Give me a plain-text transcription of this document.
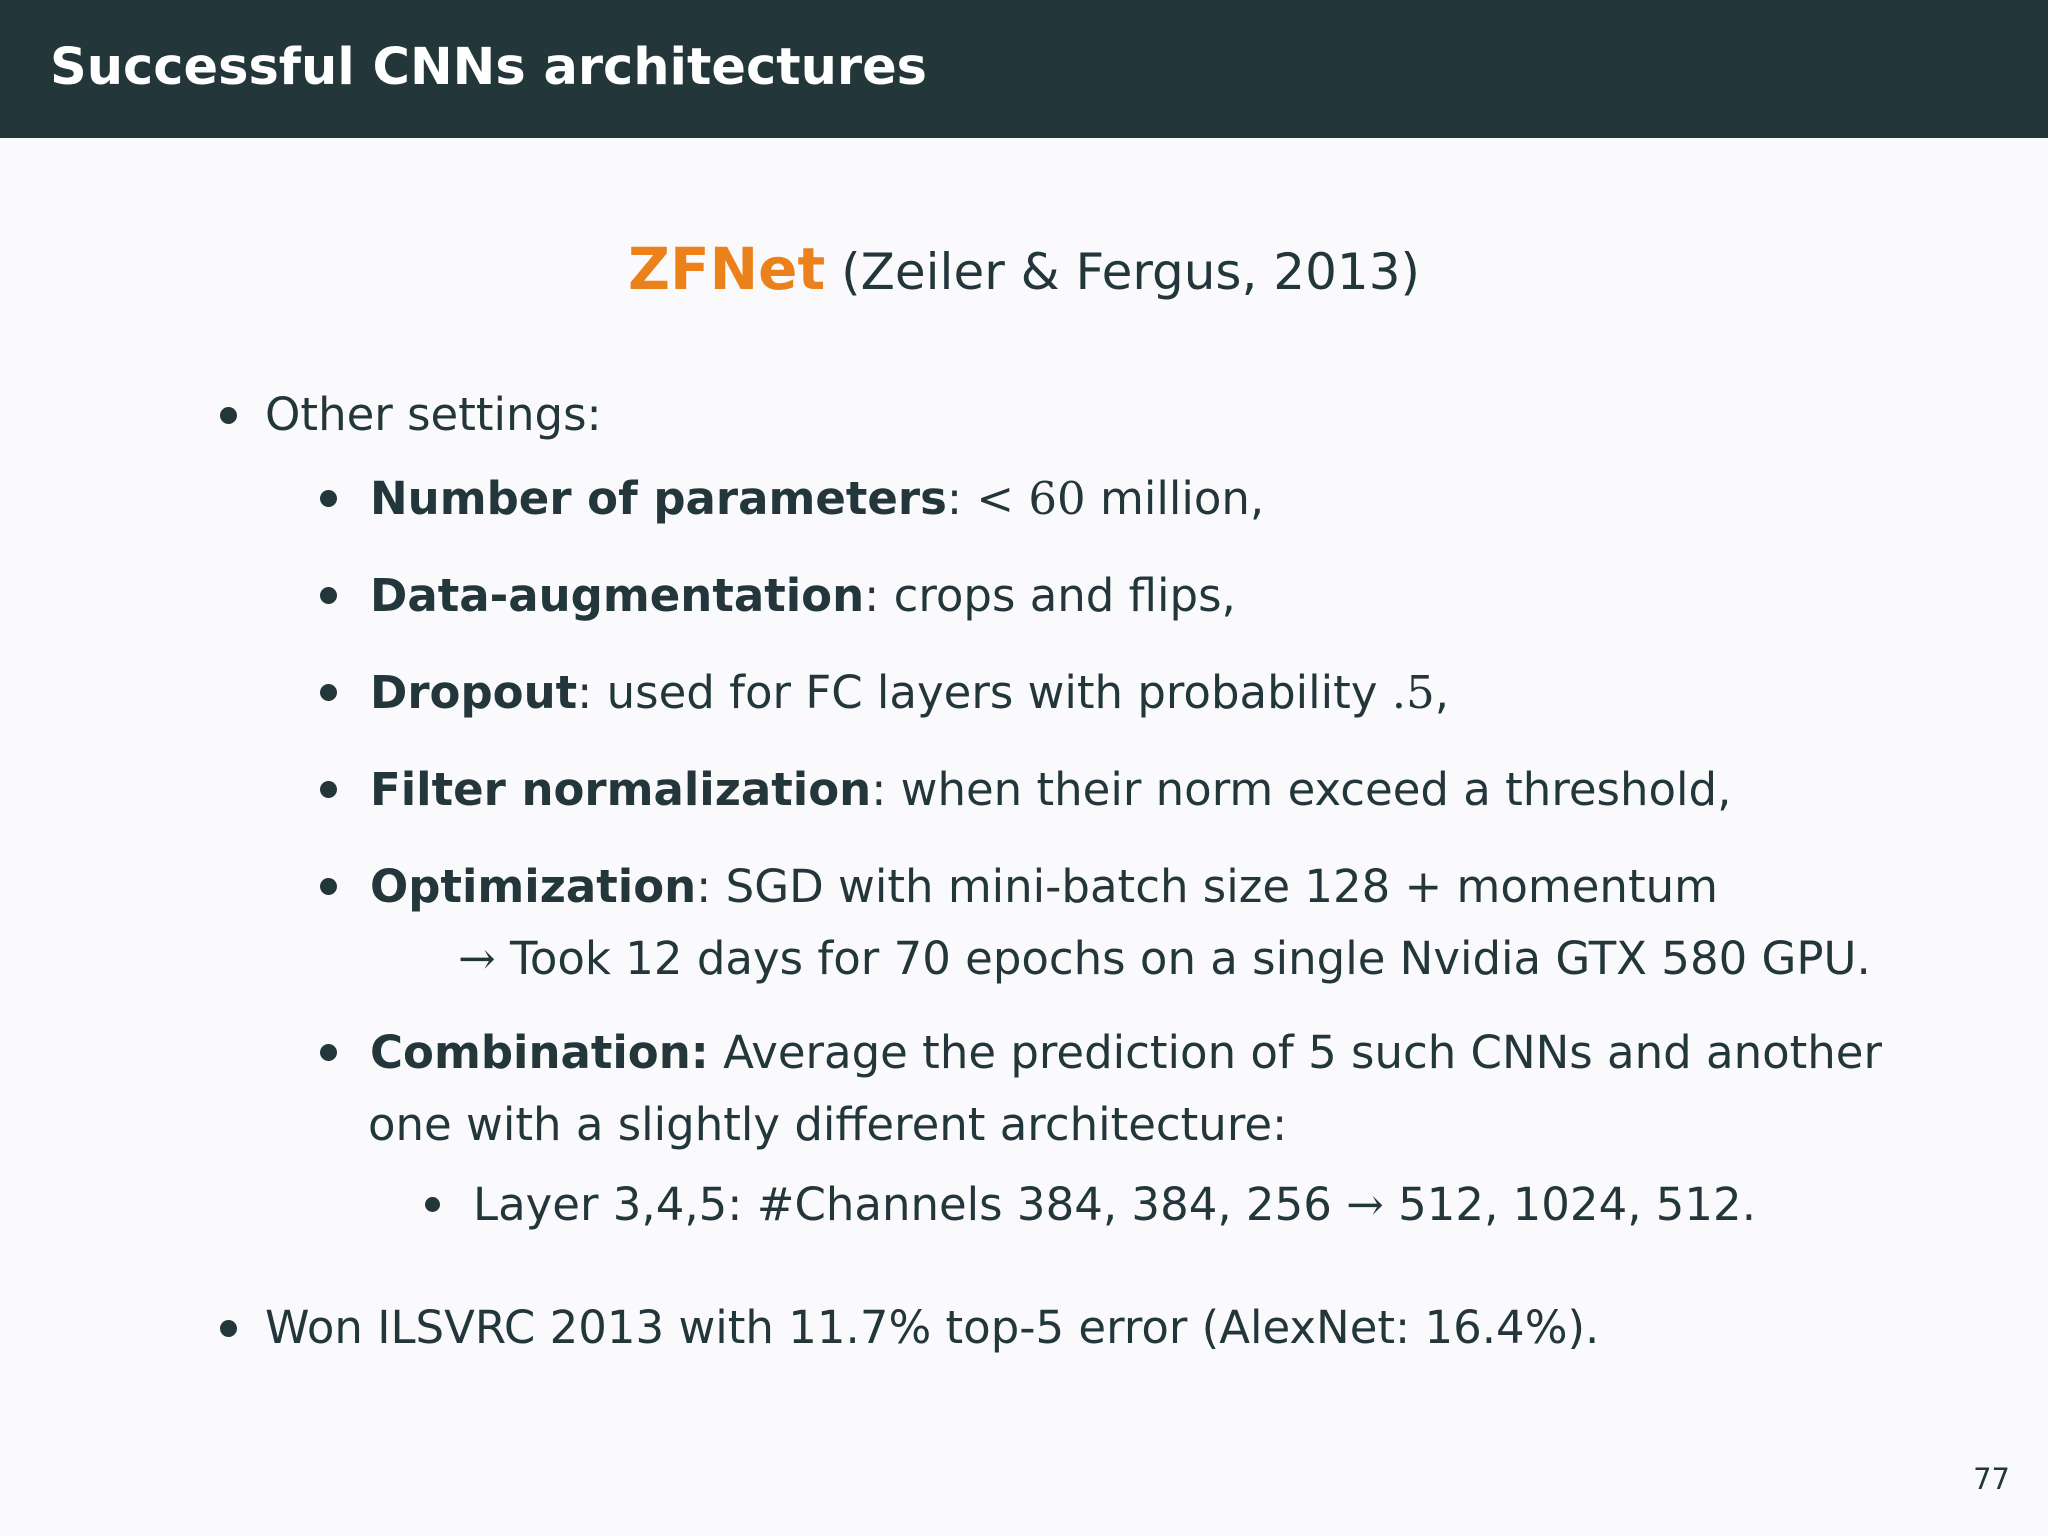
Successful CNNs architectures
ZFNet (Zeiler & Fergus, 2013)
Other settings:
Number of parameters: < 60 million,
Data-augmentation: crops and flips,
Dropout: used for FC layers with probability .5,
Filter normalization: when their norm exceed a threshold,
Optimization: SGD with mini-batch size 128 + momentum
→ Took 12 days for 70 epochs on a single Nvidia GTX 580 GPU.
Combination: Average the prediction of 5 such CNNs and another
one with a slightly different architecture:
Layer 3,4,5: #Channels 384, 384, 256 → 512, 1024, 512.
Won ILSVRC 2013 with 11.7% top-5 error (AlexNet: 16.4%).
77
